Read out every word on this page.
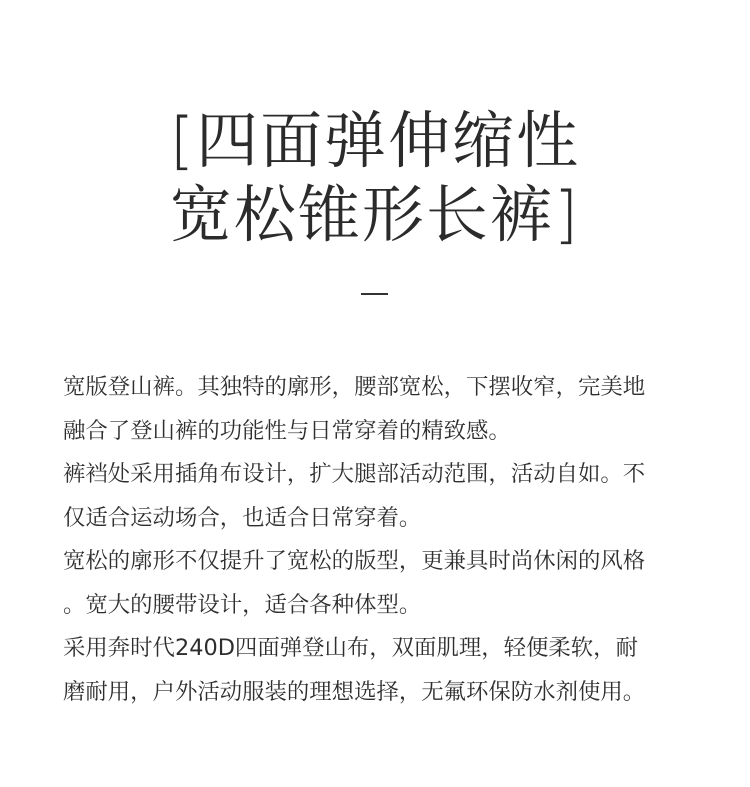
[四面弹伸缩性
宽松锥形长裤]

宽版登山裤。其独特的廓形，腰部宽松，下摆收窄，完美地

融合了登山裤的功能性与日常穿着的精致感。

裤裆处采用插角布设计，扩大腿部活动范围，活动自如。不

仅适合运动场合，也适合日常穿着。

宽松的廓形不仅提升了宽松的版型，更兼具时尚休闲的风格

。宽大的腰带设计，适合各种体型。

采用奔时代240D四面弹登山布，双面肌理，轻便柔软，耐

磨耐用，户外活动服装的理想选择，无氟环保防水剂使用。
